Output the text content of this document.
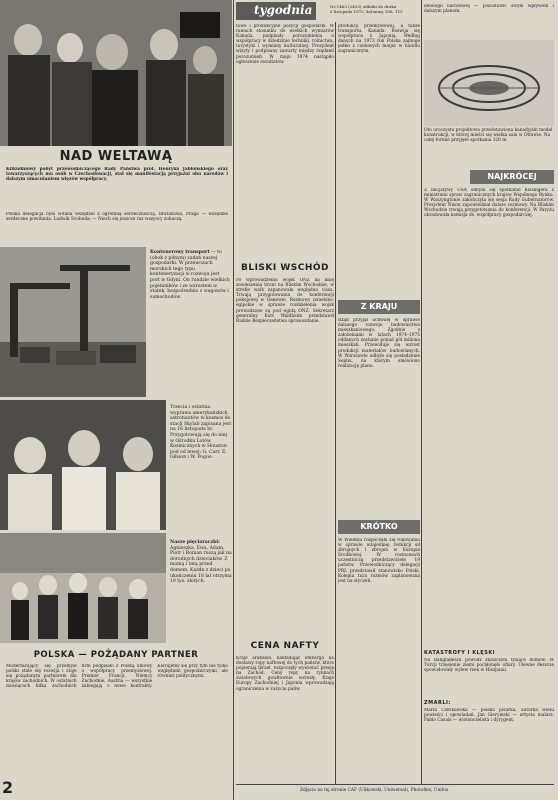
NAD WELTAWĄ
Kilkudniowy pobyt przewodniczącego Rady Państwa prof. Henryka Jabłońskiego oraz towarzyszących mu osób w Czechosłowacji, stał się manifestacją przyjaźni obu narodów i dalszym umacnianiem więzów współpracy.
Polska delegacja była witana wszędzie z ogromną serdecznością. Bratislawa, Praga — wszędzie serdeczne powitania. Ludwik Svoboda: — Niech się jeszcze raz wszyscy zobaczą.
Kontenerowy transport — to (obok z pilnym) zadań naszej gospodarki. W przewozach morskich tego typu konteneryzacji w rozwoju jest port w Gdyni. On rundzie wielkich pojemników i ze wzrostem w statek, bezpośrednio z wagonów i samochodów.
Trzecia i ostatnia wyprawa amerykańskich astronautów w kosmos do stacji Skylab zapisana jest na 16 listopada br. Przygotowują się do niej w Ośrodku Lotów Kosmicznych w Houston pod od lewej: G. Carr, E. Gibson i W. Pogue.
Nasze pięcioraczki: Agnieszka, Ewa, Adam, Piotr i Roman ruszą jak na dorodnych dzieciaków. Z mamą i tatą przed domem. Każde z dzieci po ukończeniu 18 lat otrzyma 10 tys. złotych.
POLSKA — POŻĄDANY PARTNER
Modernizujący się przemysł polski stale się rozwija i staje się pożądanym partnerem dla krajów zachodnich. W ostatnich miesiącach kilka zachodnich firm podpisało z Polską umowy o współpracy przemysłowej. Premier Francji, Niemcy Zachodnie, Austria — wszystkie zabiegają o nowe kontrakty. Kierujemy się przy tym nie tylko względami gospodarczymi, ale również politycznymi.
2
tygodnia	Nr 1463 (2433) odbitki do druku
5 listopada 1972, kolumny 108, 115
towe i produkcyjne pozycji gospodarki. W ramach stosunku do wielkich wymiarów Kanada, podpisały porozumienia o współpracy w dziedzinie techniki, rolnictwa, turystyki i wymiany kulturalnej. Prezydent wizyty i podpisany zawarty między rządami porozumień. W maju 1974 nastąpiło ogłoszenie rezultatów.
BLISKI WSCHÓD
Po wprowadzeniu wojsk ONZ na linię zawieszenia broni na Bliskim Wschodzie, w strefie walk zapanowała względna cisza. Trwają przygotowania do konferencji pokojowej w Genewie. Rozmowy izraelsko-egipskie w sprawie rozdzielenia wojsk prowadzone są pod egidą ONZ. Sekretarz generalny Kurt Waldheim przedstawił Radzie Bezpieczeństwa sprawozdanie.
CENA NAFTY
Kraje arabskie, nakładając embargo na dostawy ropy naftowej do tych państw, które popierają Izrael, rozpoczęły wywierać presję na Zachód. Ceny ropy na rynkach światowych gwałtownie wzrosły. Kraje Europy Zachodniej i Japonia wprowadzają ograniczenia w zużyciu paliw.
produkcji przemysłowej, a także transportu. Kanada. Rozwija się współpraca z Japonią. Według danych na 1973 rok Polska zajmuje jedno z czołowych miejsc w handlu zagranicznym.
Z KRAJU
Rząd przyjął uchwałę w sprawie dalszego rozwoju budownictwa mieszkaniowego. Zgodnie z założeniami w latach 1974–1975 oddanych zostanie ponad pół miliona mieszkań. Przewiduje się wzrost produkcji materiałów budowlanych. W Warszawie odbyło się posiedzenie Sejmu, na którym omówiono realizację planu.
KRÓTKO
W Wiedniu rozpoczęła się rokowania w sprawie wzajemnej redukcji sił zbrojnych i zbrojeń w Europie Środkowej. W rozmowach uczestniczą przedstawiciele 19 państw. Przewodniczący delegacji PRL przedstawił stanowisko Polski. Kolejna tura rozmów zaplanowana jest na styczeń.
ideologii narodowej — pozostawić swym wpływom i dalszym planom.
Oto uroczysta projektowa przedstawiona kanadyjski model konstrukcji, w której mieści się wielka sala w Ottawie. Na całej formie przyjęte spotkania 320 m.
NAJKRÓCEJ
Z inicjatywy USA odbyła się spotkanie Kissingera z ministrami spraw zagranicznych krajów Wspólnego Rynku. W Waszyngtonie zakończyła się sesja Rady Gubernatorów. Prezydent Nixon zapowiedział dalsze rozmowy. Na Bliskim Wschodzie trwają przygotowania do konferencji. W Paryżu obradowała komisja ds. współpracy gospodarczej.
KATASTROFY I KLĘSKI
Na Bangladeszu powódź zniszczyła tysiące domów. W Turcji trzęsienie ziemi pochłonęło ofiary. Ulewne deszcze spowodowały wylew rzek w Hiszpanii.
ZMARLI:
Maria Czerkawska — polska pisarka, autorka wielu powieści i opowiadań. Jan Gierymski — artysta malarz. Pablo Casals — wiolonczelista i dyrygent.
Zdjęcia na tej stronie CAF (Ulikowski, Uniwersal), Photoflex, Unifox
